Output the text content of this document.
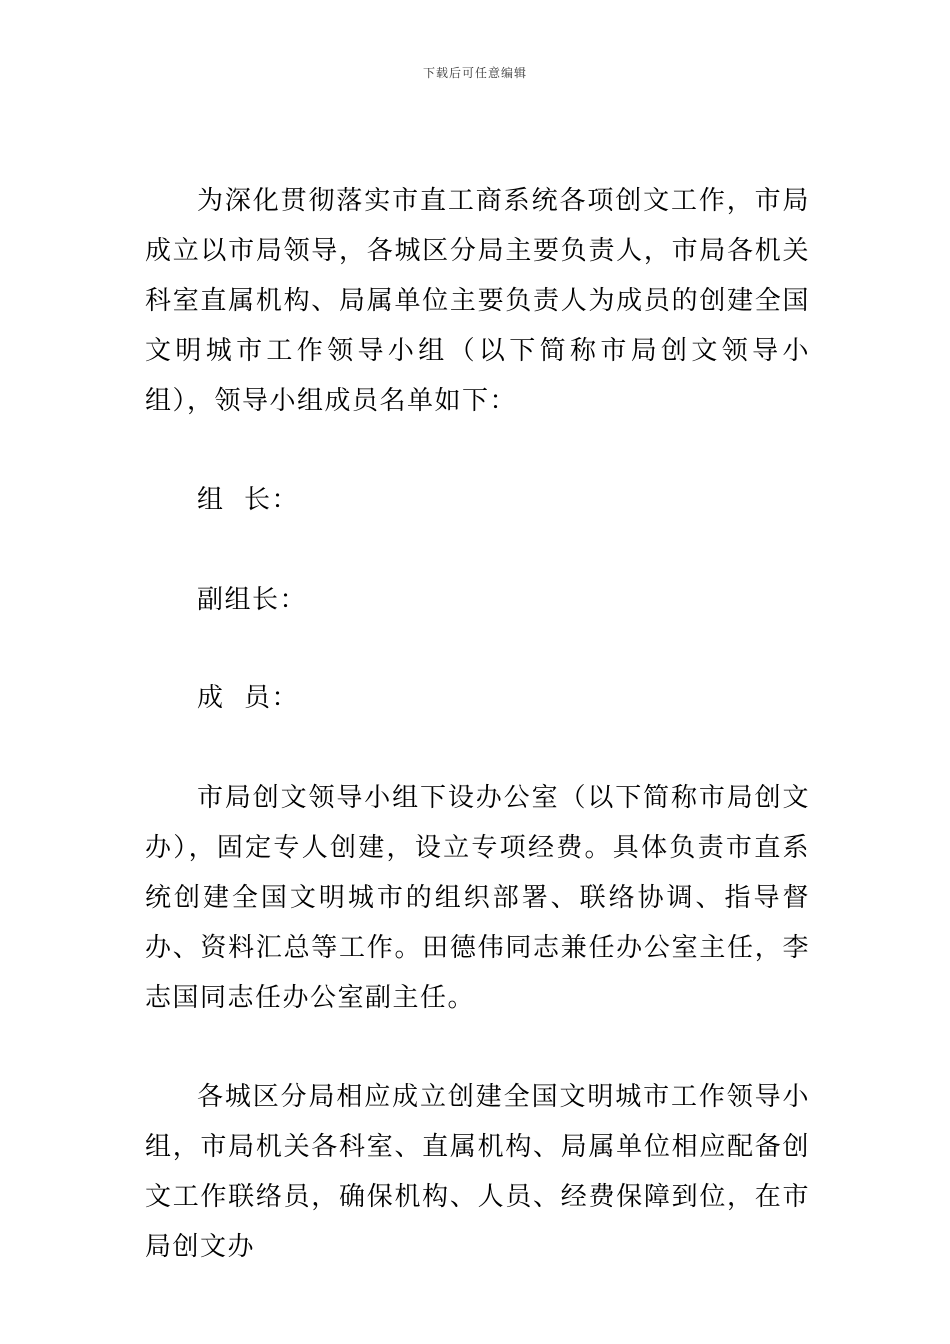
下载后可任意编辑

为深化贯彻落实市直工商系统各项创文工作，市局成立以市局领导，各城区分局主要负责人，市局各机关科室直属机构、局属单位主要负责人为成员的创建全国文明城市工作领导小组（以下简称市局创文领导小组），领导小组成员名单如下：

组  长：

副组长：

成  员：

市局创文领导小组下设办公室（以下简称市局创文办），固定专人创建，设立专项经费。具体负责市直系统创建全国文明城市的组织部署、联络协调、指导督办、资料汇总等工作。田德伟同志兼任办公室主任，李志国同志任办公室副主任。

各城区分局相应成立创建全国文明城市工作领导小组，市局机关各科室、直属机构、局属单位相应配备创文工作联络员，确保机构、人员、经费保障到位，在市局创文办
